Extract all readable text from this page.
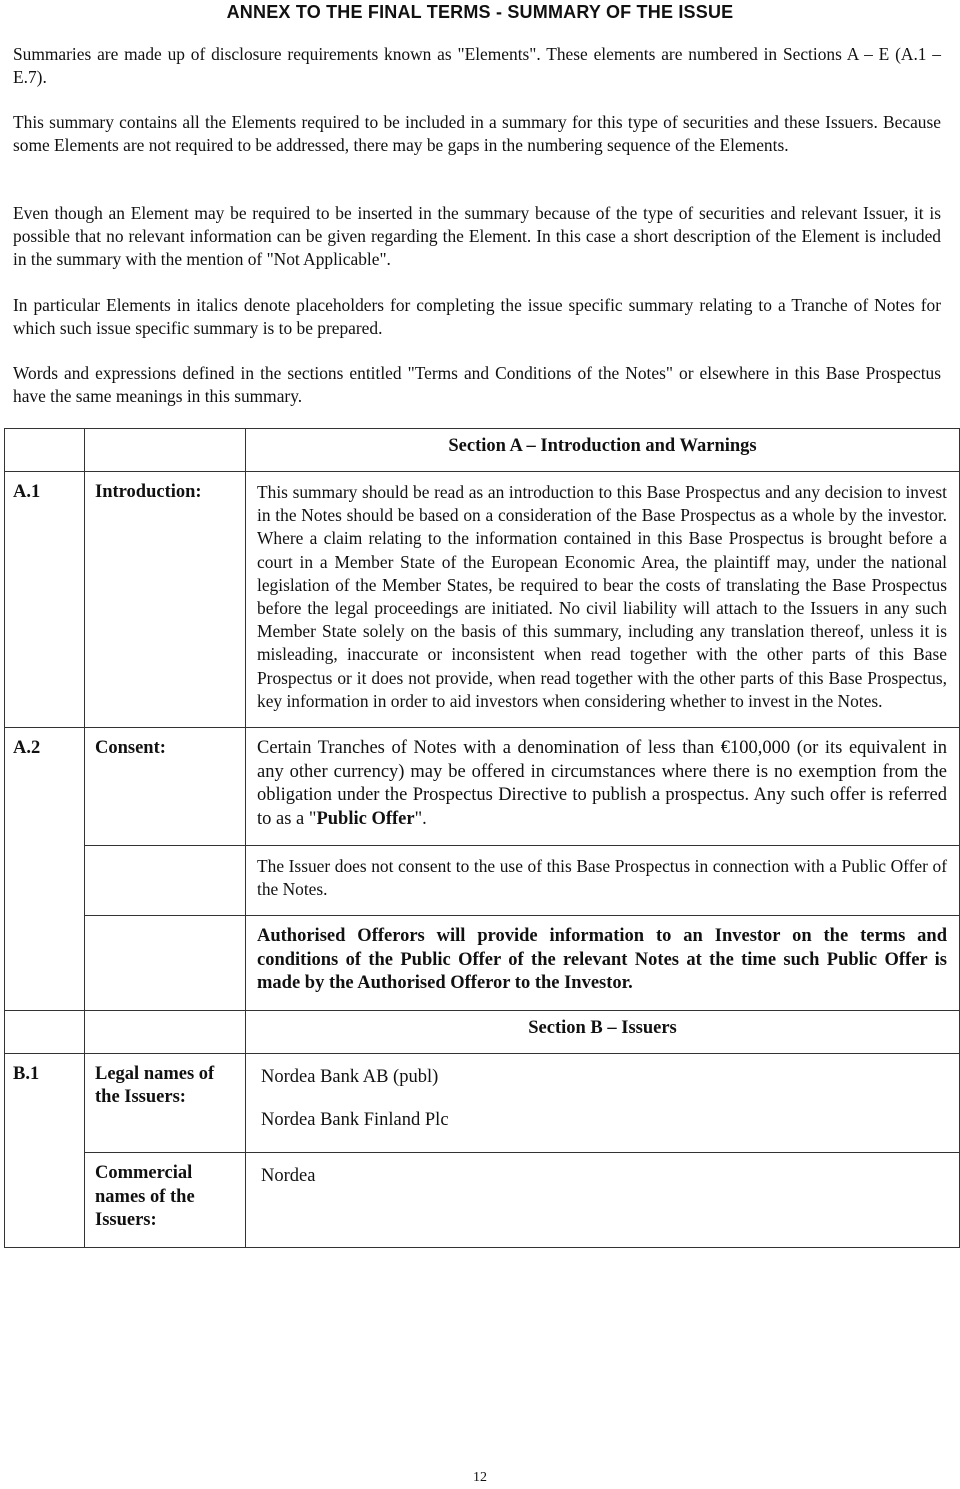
ANNEX TO THE FINAL TERMS - SUMMARY OF THE ISSUE

Summaries are made up of disclosure requirements known as "Elements". These elements are numbered in Sections A – E (A.1 – E.7).

This summary contains all the Elements required to be included in a summary for this type of securities and these Issuers. Because some Elements are not required to be addressed, there may be gaps in the numbering sequence of the Elements.

Even though an Element may be required to be inserted in the summary because of the type of securities and relevant Issuer, it is possible that no relevant information can be given regarding the Element. In this case a short description of the Element is included in the summary with the mention of "Not Applicable".

In particular Elements in italics denote placeholders for completing the issue specific summary relating to a Tranche of Notes for which such issue specific summary is to be prepared.

Words and expressions defined in the sections entitled "Terms and Conditions of the Notes" or elsewhere in this Base Prospectus have the same meanings in this summary.

		Section A – Introduction and Warnings
A.1	Introduction:	This summary should be read as an introduction to this Base Prospectus and any decision to invest in the Notes should be based on a consideration of the Base Prospectus as a whole by the investor. Where a claim relating to the information contained in this Base Prospectus is brought before a court in a Member State of the European Economic Area, the plaintiff may, under the national legislation of the Member States, be required to bear the costs of translating the Base Prospectus before the legal proceedings are initiated. No civil liability will attach to the Issuers in any such Member State solely on the basis of this summary, including any translation thereof, unless it is misleading, inaccurate or inconsistent when read together with the other parts of this Base Prospectus or it does not provide, when read together with the other parts of this Base Prospectus, key information in order to aid investors when considering whether to invest in the Notes.
A.2	Consent:	Certain Tranches of Notes with a denomination of less than €100,000 (or its equivalent in any other currency) may be offered in circumstances where there is no exemption from the obligation under the Prospectus Directive to publish a prospectus. Any such offer is referred to as a "Public Offer".
		The Issuer does not consent to the use of this Base Prospectus in connection with a Public Offer of the Notes.
		Authorised Offerors will provide information to an Investor on the terms and conditions of the Public Offer of the relevant Notes at the time such Public Offer is made by the Authorised Offeror to the Investor.
		Section B – Issuers
B.1	Legal names of the Issuers:	Nordea Bank AB (publ)
Nordea Bank Finland Plc

	Commercial names of the Issuers:	Nordea
12
